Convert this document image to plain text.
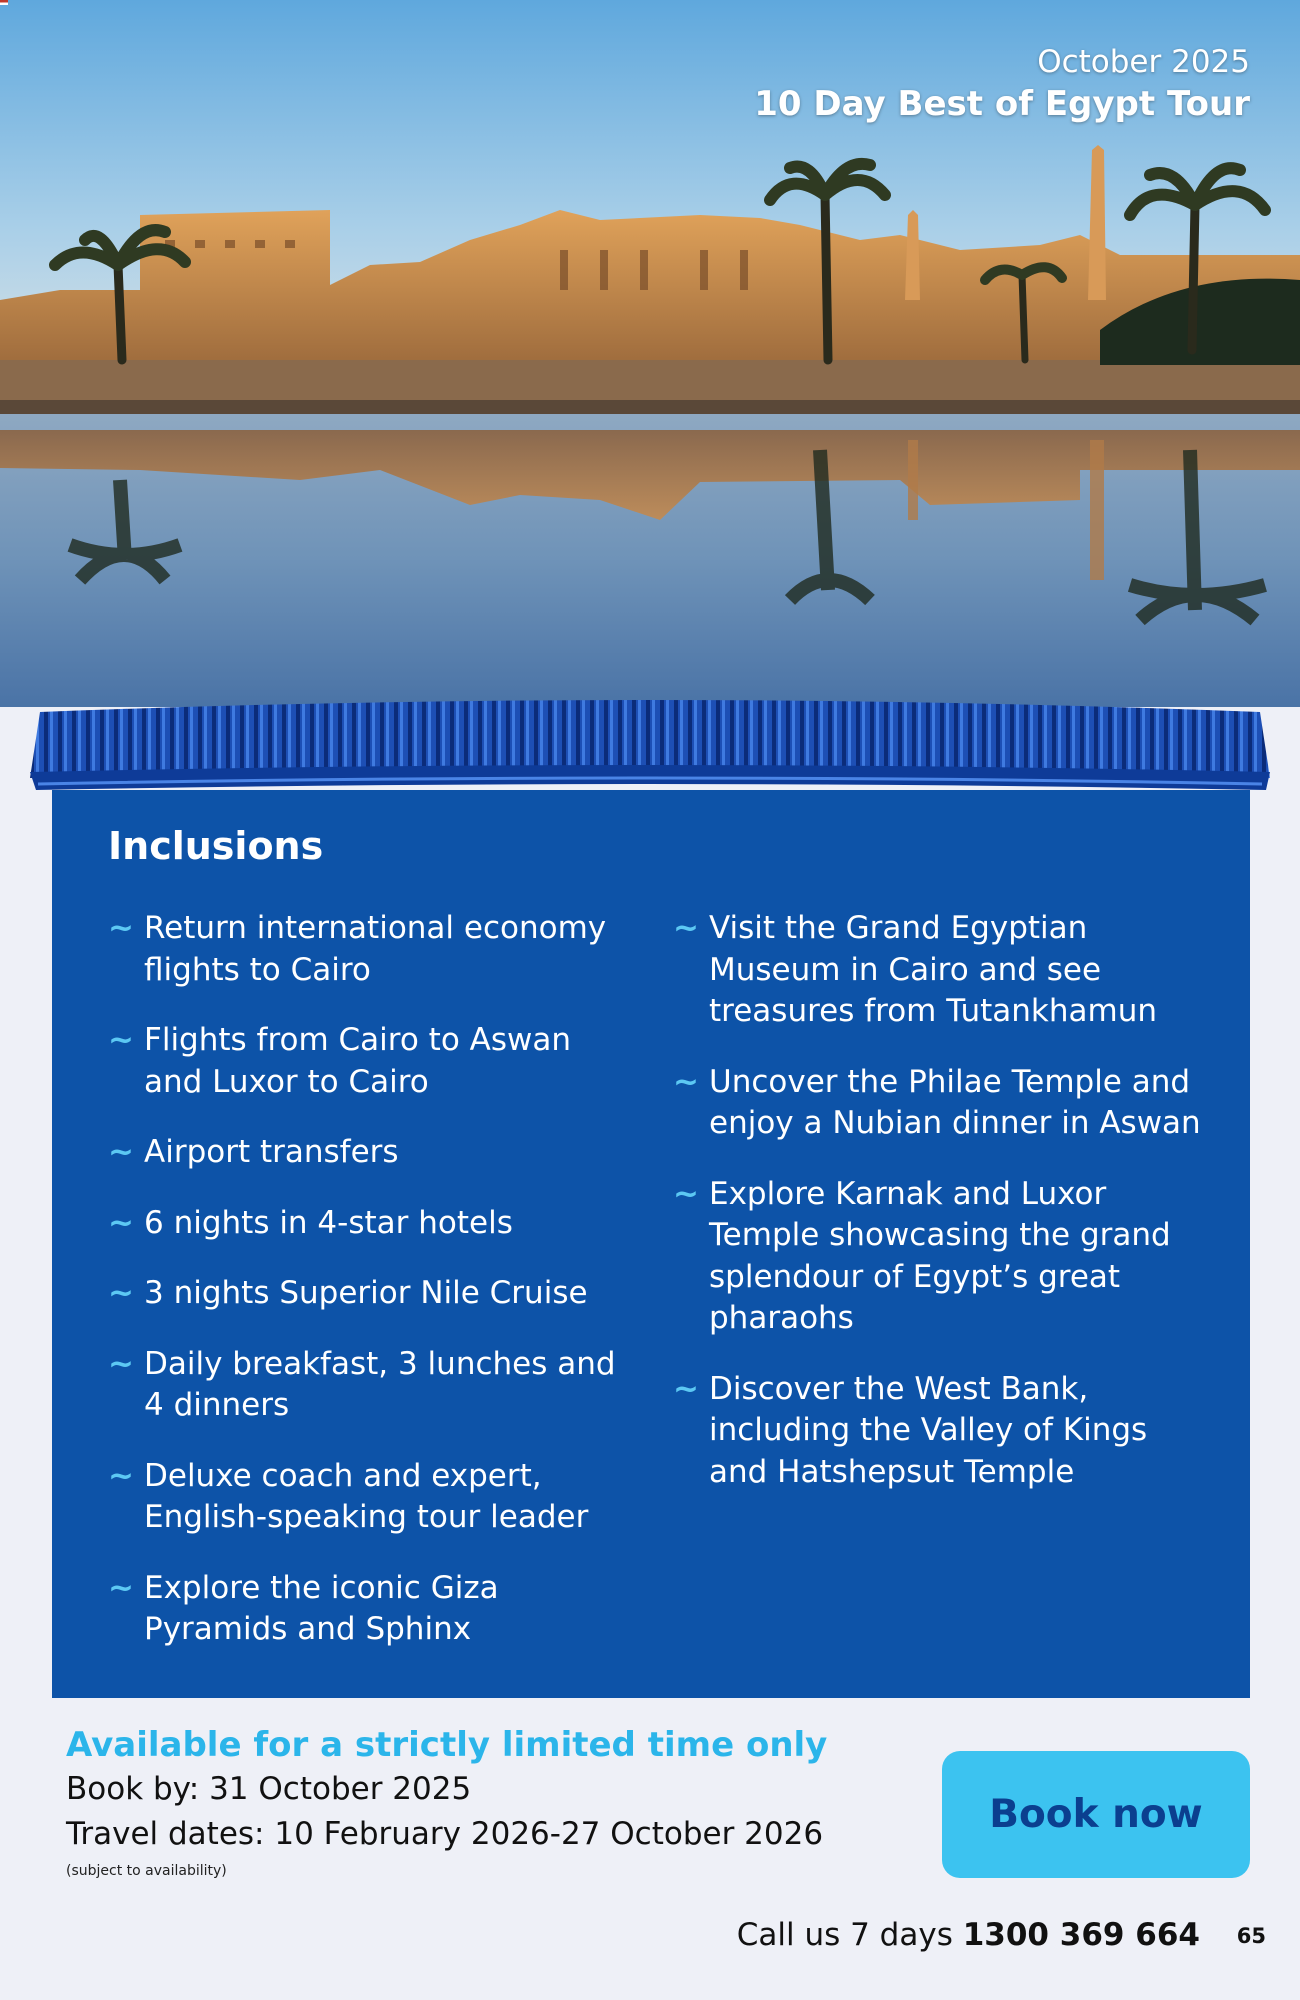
October 2025
10 Day Best of Egypt Tour
Inclusions
~ Return international economy flights to Cairo
~ Flights from Cairo to Aswan and Luxor to Cairo
~ Airport transfers
~ 6 nights in 4-star hotels
~ 3 nights Superior Nile Cruise
~ Daily breakfast, 3 lunches and 4 dinners
~ Deluxe coach and expert, English-speaking tour leader
~ Explore the iconic Giza Pyramids and Sphinx
~ Visit the Grand Egyptian Museum in Cairo and see treasures from Tutankhamun
~ Uncover the Philae Temple and enjoy a Nubian dinner in Aswan
~ Explore Karnak and Luxor Temple showcasing the grand splendour of Egypt’s great pharaohs
~ Discover the West Bank, including the Valley of Kings and Hatshepsut Temple
Available for a strictly limited time only
Book by: 31 October 2025
Travel dates: 10 February 2026-27 October 2026
(subject to availability)
Book now
Call us 7 days 1300 369 664 65
